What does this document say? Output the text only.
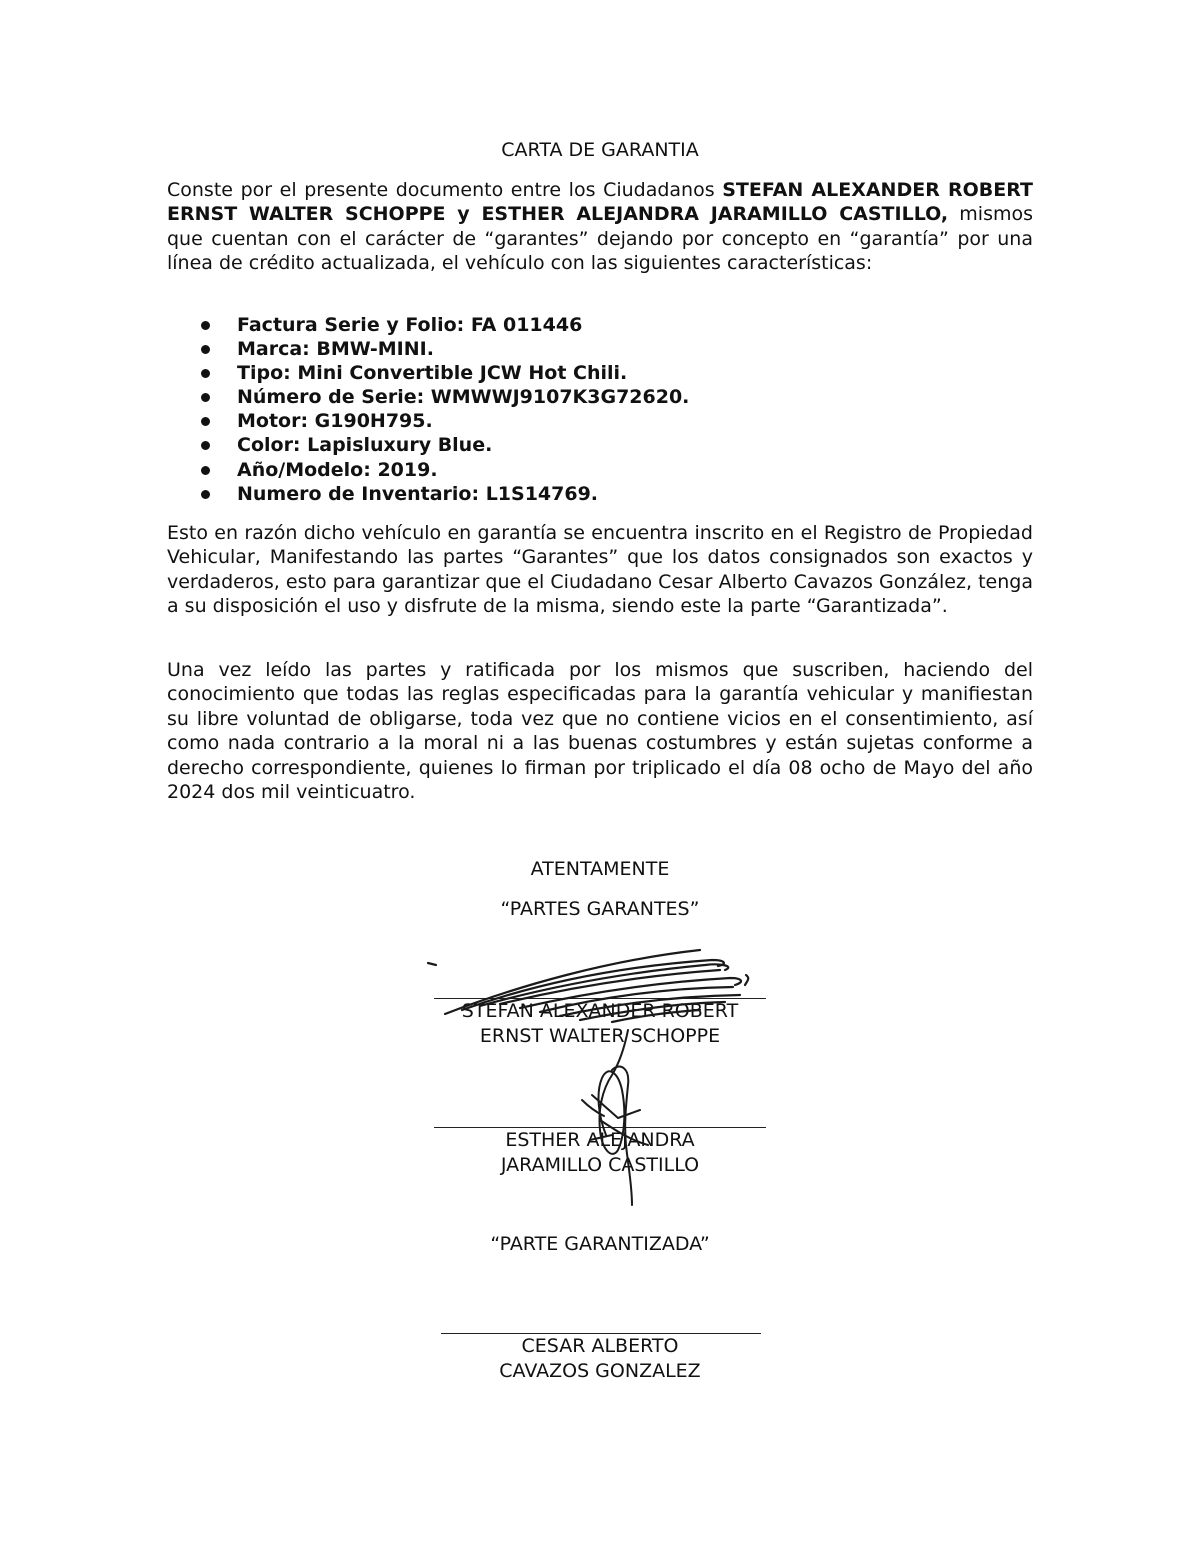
CARTA DE GARANTIA
Conste por el presente documento entre los Ciudadanos STEFAN ALEXANDER ROBERT ERNST WALTER SCHOPPE y ESTHER ALEJANDRA JARAMILLO CASTILLO, mismos que cuentan con el carácter de “garantes” dejando por concepto en “garantía” por una línea de crédito actualizada, el vehículo con las siguientes características:
Factura Serie y Folio: FA 011446
Marca: BMW-MINI.
Tipo: Mini Convertible JCW Hot Chili.
Número de Serie: WMWWJ9107K3G72620.
Motor: G190H795.
Color: Lapisluxury Blue.
Año/Modelo: 2019.
Numero de Inventario: L1S14769.
Esto en razón dicho vehículo en garantía se encuentra inscrito en el Registro de Propiedad Vehicular, Manifestando las partes “Garantes” que los datos consignados son exactos y verdaderos, esto para garantizar que el Ciudadano Cesar Alberto Cavazos González, tenga a su disposición el uso y disfrute de la misma, siendo este la parte “Garantizada”.
Una vez leído las partes y ratificada por los mismos que suscriben, haciendo del conocimiento que todas las reglas especificadas para la garantía vehicular y manifiestan su libre voluntad de obligarse, toda vez que no contiene vicios en el consentimiento, así como nada contrario a la moral ni a las buenas costumbres y están sujetas conforme a derecho correspondiente, quienes lo firman por triplicado el día 08 ocho de Mayo del año 2024 dos mil veinticuatro.
ATENTAMENTE
“PARTES GARANTES”
STEFAN ALEXANDER ROBERT
ERNST WALTER SCHOPPE
ESTHER ALEJANDRA
JARAMILLO CASTILLO
“PARTE GARANTIZADA”
CESAR ALBERTO
CAVAZOS GONZALEZ
